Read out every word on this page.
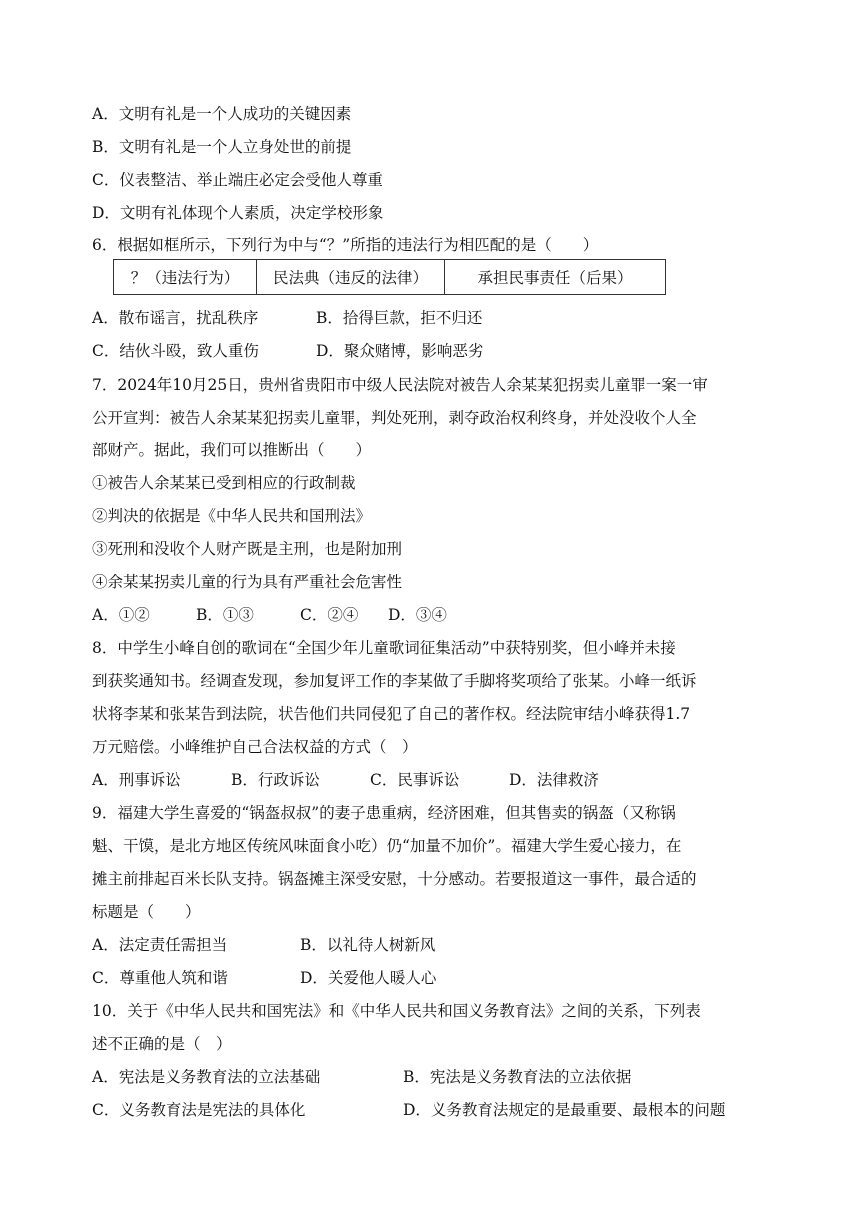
A．文明有礼是一个人成功的关键因素
B．文明有礼是一个人立身处世的前提
C．仪表整洁、举止端庄必定会受他人尊重
D．文明有礼体现个人素质，决定学校形象
6．根据如框所示，下列行为中与“？”所指的违法行为相匹配的是（　　）
？（违法行为）	民法典（违反的法律）	承担民事责任（后果）
A．散布谣言，扰乱秩序	B．拾得巨款，拒不归还
C．结伙斗殴，致人重伤	D．聚众赌博，影响恶劣
7．2024年10月25日，贵州省贵阳市中级人民法院对被告人余某某犯拐卖儿童罪一案一审
公开宣判：被告人余某某犯拐卖儿童罪，判处死刑，剥夺政治权利终身，并处没收个人全
部财产。据此，我们可以推断出（　　）
①被告人余某某已受到相应的行政制裁
②判决的依据是《中华人民共和国刑法》
③死刑和没收个人财产既是主刑，也是附加刑
④余某某拐卖儿童的行为具有严重社会危害性
A．①②	B．①③	C．②④ D．③④
8．中学生小峰自创的歌词在“全国少年儿童歌词征集活动”中获特别奖，但小峰并未接
到获奖通知书。经调查发现，参加复评工作的李某做了手脚将奖项给了张某。小峰一纸诉
状将李某和张某告到法院，状告他们共同侵犯了自己的著作权。经法院审结小峰获得1.7
万元赔偿。小峰维护自己合法权益的方式（　）
A．刑事诉讼	B．行政诉讼	C．民事诉讼	D．法律救济
9．福建大学生喜爱的“锅盔叔叔”的妻子患重病，经济困难，但其售卖的锅盔（又称锅
魁、干馍，是北方地区传统风味面食小吃）仍“加量不加价”。福建大学生爱心接力，在
摊主前排起百米长队支持。锅盔摊主深受安慰，十分感动。若要报道这一事件，最合适的
标题是（　　）
A．法定责任需担当	B．以礼待人树新风
C．尊重他人筑和谐	D．关爱他人暖人心
10．关于《中华人民共和国宪法》和《中华人民共和国义务教育法》之间的关系，下列表
述不正确的是（　）
A．宪法是义务教育法的立法基础	B．宪法是义务教育法的立法依据
C．义务教育法是宪法的具体化	D．义务教育法规定的是最重要、最根本的问题
